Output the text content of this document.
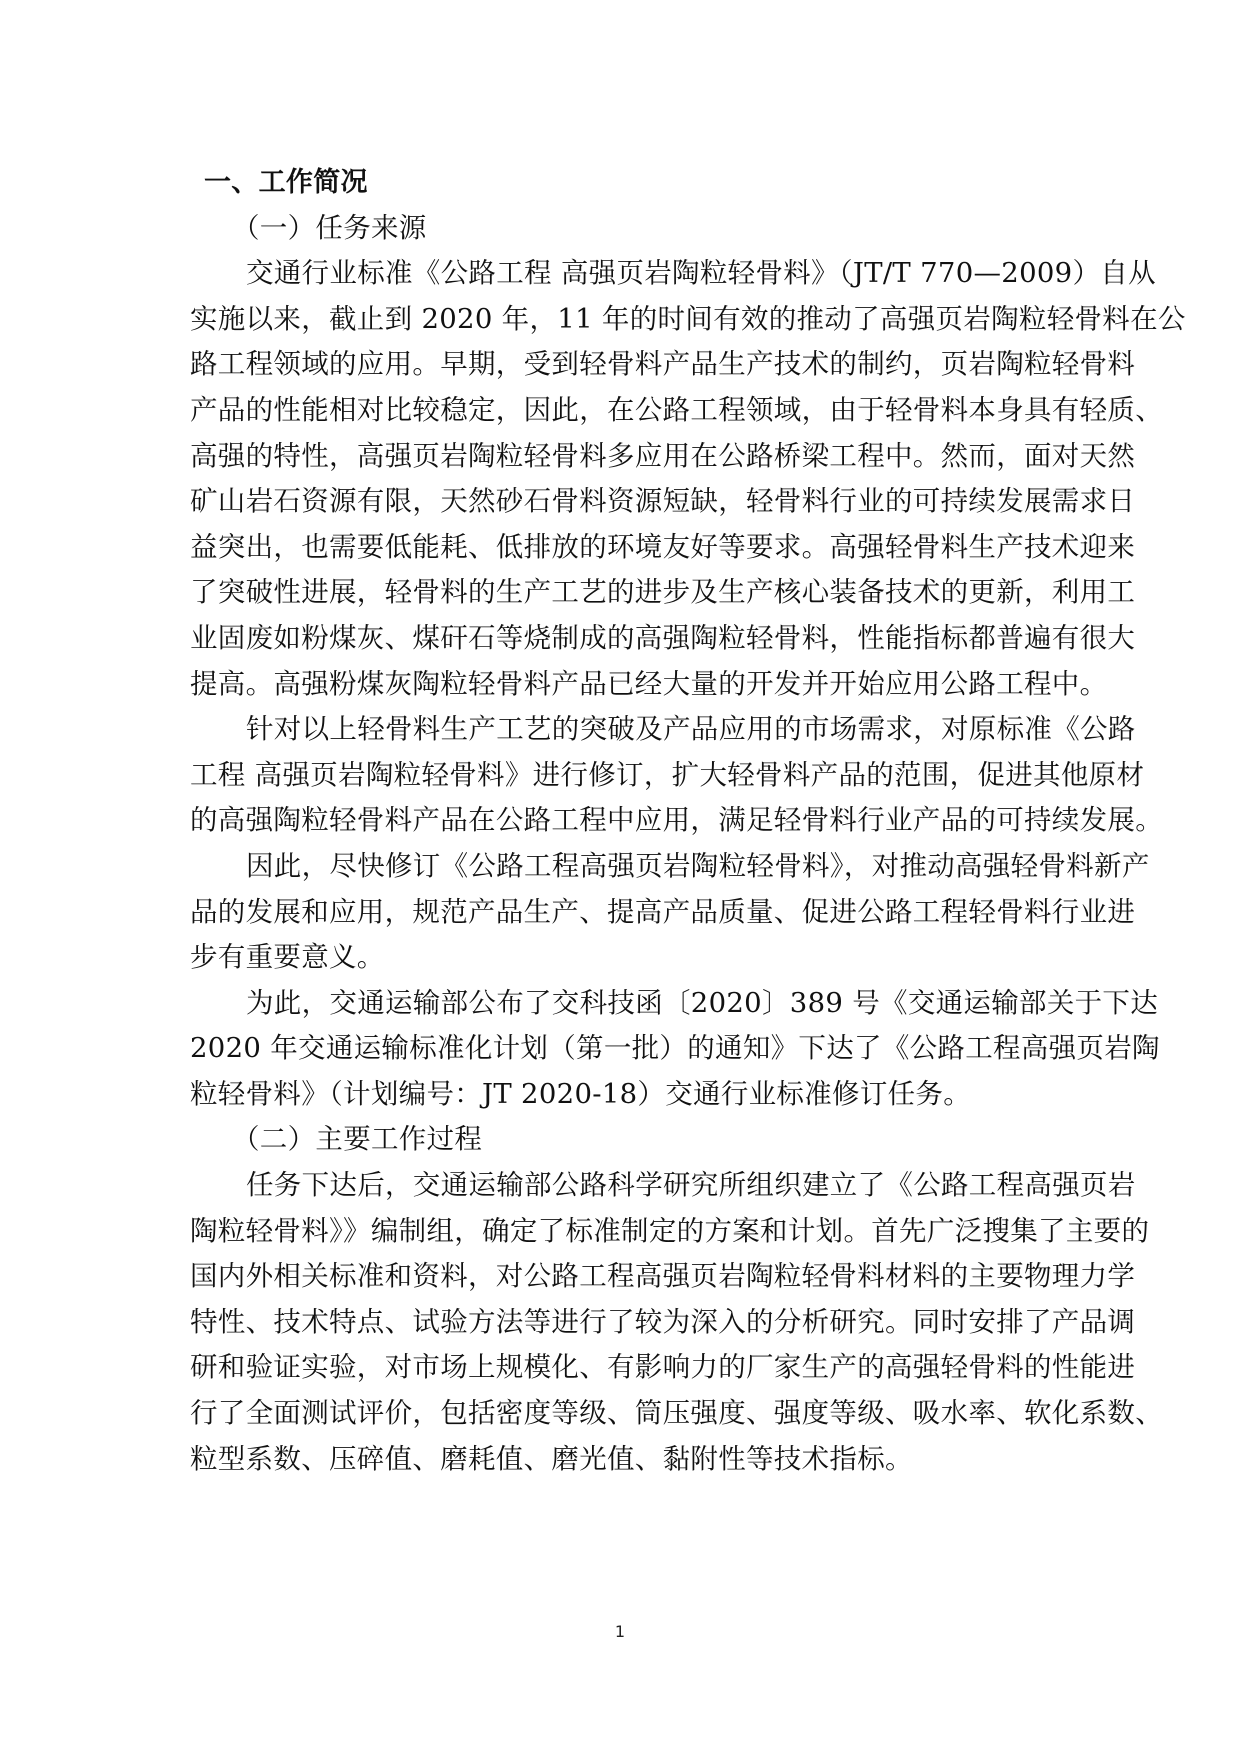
一、工作简况
（一）任务来源
交通行业标准《公路工程 高强页岩陶粒轻骨料》（JT/T 770—2009）自从
实施以来，截止到 2020 年，11 年的时间有效的推动了高强页岩陶粒轻骨料在公
路工程领域的应用。早期，受到轻骨料产品生产技术的制约，页岩陶粒轻骨料
产品的性能相对比较稳定，因此，在公路工程领域，由于轻骨料本身具有轻质、
高强的特性，高强页岩陶粒轻骨料多应用在公路桥梁工程中。然而，面对天然
矿山岩石资源有限，天然砂石骨料资源短缺，轻骨料行业的可持续发展需求日
益突出，也需要低能耗、低排放的环境友好等要求。高强轻骨料生产技术迎来
了突破性进展，轻骨料的生产工艺的进步及生产核心装备技术的更新，利用工
业固废如粉煤灰、煤矸石等烧制成的高强陶粒轻骨料，性能指标都普遍有很大
提高。高强粉煤灰陶粒轻骨料产品已经大量的开发并开始应用公路工程中。
针对以上轻骨料生产工艺的突破及产品应用的市场需求，对原标准《公路
工程 高强页岩陶粒轻骨料》进行修订，扩大轻骨料产品的范围，促进其他原材
的高强陶粒轻骨料产品在公路工程中应用，满足轻骨料行业产品的可持续发展。
因此，尽快修订《公路工程高强页岩陶粒轻骨料》，对推动高强轻骨料新产
品的发展和应用，规范产品生产、提高产品质量、促进公路工程轻骨料行业进
步有重要意义。
为此，交通运输部公布了交科技函〔2020〕389 号《交通运输部关于下达
2020 年交通运输标准化计划（第一批）的通知》下达了《公路工程高强页岩陶
粒轻骨料》（计划编号：JT 2020-18）交通行业标准修订任务。
（二）主要工作过程
任务下达后，交通运输部公路科学研究所组织建立了《公路工程高强页岩
陶粒轻骨料》》编制组，确定了标准制定的方案和计划。首先广泛搜集了主要的
国内外相关标准和资料，对公路工程高强页岩陶粒轻骨料材料的主要物理力学
特性、技术特点、试验方法等进行了较为深入的分析研究。同时安排了产品调
研和验证实验，对市场上规模化、有影响力的厂家生产的高强轻骨料的性能进
行了全面测试评价，包括密度等级、筒压强度、强度等级、吸水率、软化系数、
粒型系数、压碎值、磨耗值、磨光值、黏附性等技术指标。
1
